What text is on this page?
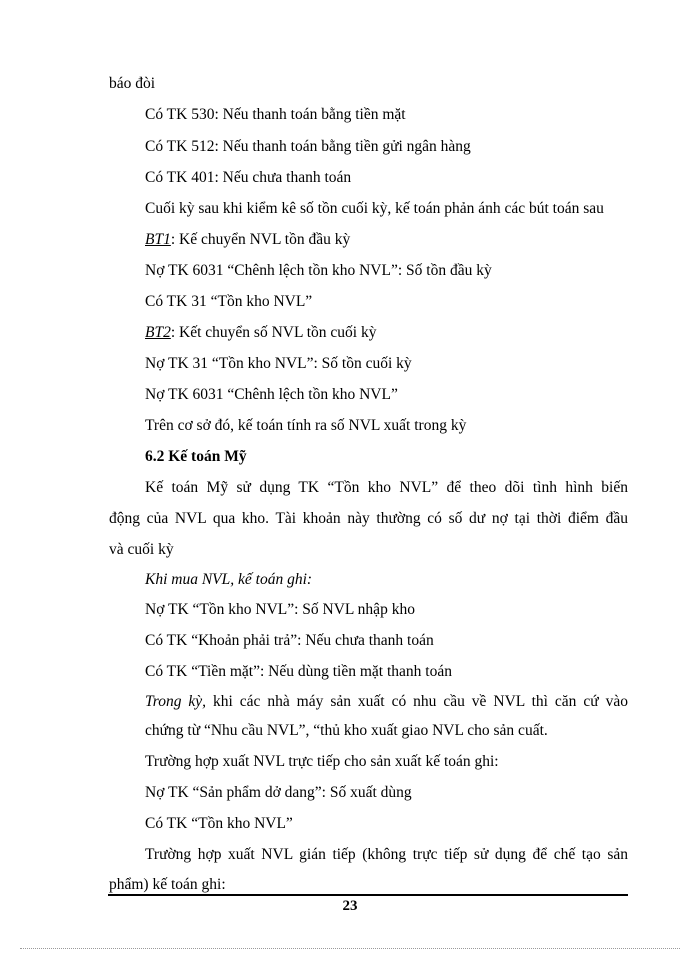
báo đòi
Có TK 530: Nếu thanh toán bằng tiền mặt
Có TK 512: Nếu thanh toán bằng tiền gửi ngân hàng
Có TK 401: Nếu chưa thanh toán
Cuối kỳ sau khi kiểm kê số tồn cuối kỳ, kế toán phản ánh các bút toán sau
BT1: Kế chuyển NVL tồn đầu kỳ
Nợ TK 6031 “Chênh lệch tồn kho NVL”: Số tồn đầu kỳ
Có TK 31 “Tồn kho NVL”
BT2: Kết chuyển số NVL tồn cuối kỳ
Nợ TK 31 “Tồn kho NVL”: Số tồn cuối kỳ
Nợ TK 6031 “Chênh lệch tồn kho NVL”
Trên cơ sở đó, kế toán tính ra số NVL xuất trong kỳ
6.2 Kế toán Mỹ
Kế toán Mỹ sử dụng TK “Tồn kho NVL” để theo dõi tình hình biến
động của NVL qua kho. Tài khoản này thường có số dư nợ tại thời điểm đầu
và cuối kỳ
Khi mua NVL, kế toán ghi:
Nợ TK “Tồn kho NVL”: Số NVL nhập kho
Có TK “Khoản phải trả”: Nếu chưa thanh toán
Có TK “Tiền mặt”: Nếu dùng tiền mặt thanh toán
Trong kỳ, khi các nhà máy sản xuất có nhu cầu về NVL thì căn cứ vào
chứng từ “Nhu cầu NVL”, “thủ kho xuất giao NVL cho sản cuất.
Trường hợp xuất NVL trực tiếp cho sản xuất kế toán ghi:
Nợ TK “Sản phẩm dở dang”: Số xuất dùng
Có TK “Tồn kho NVL”
Trường hợp xuất NVL gián tiếp (không trực tiếp sử dụng để chế tạo sản
phẩm) kế toán ghi:
23
